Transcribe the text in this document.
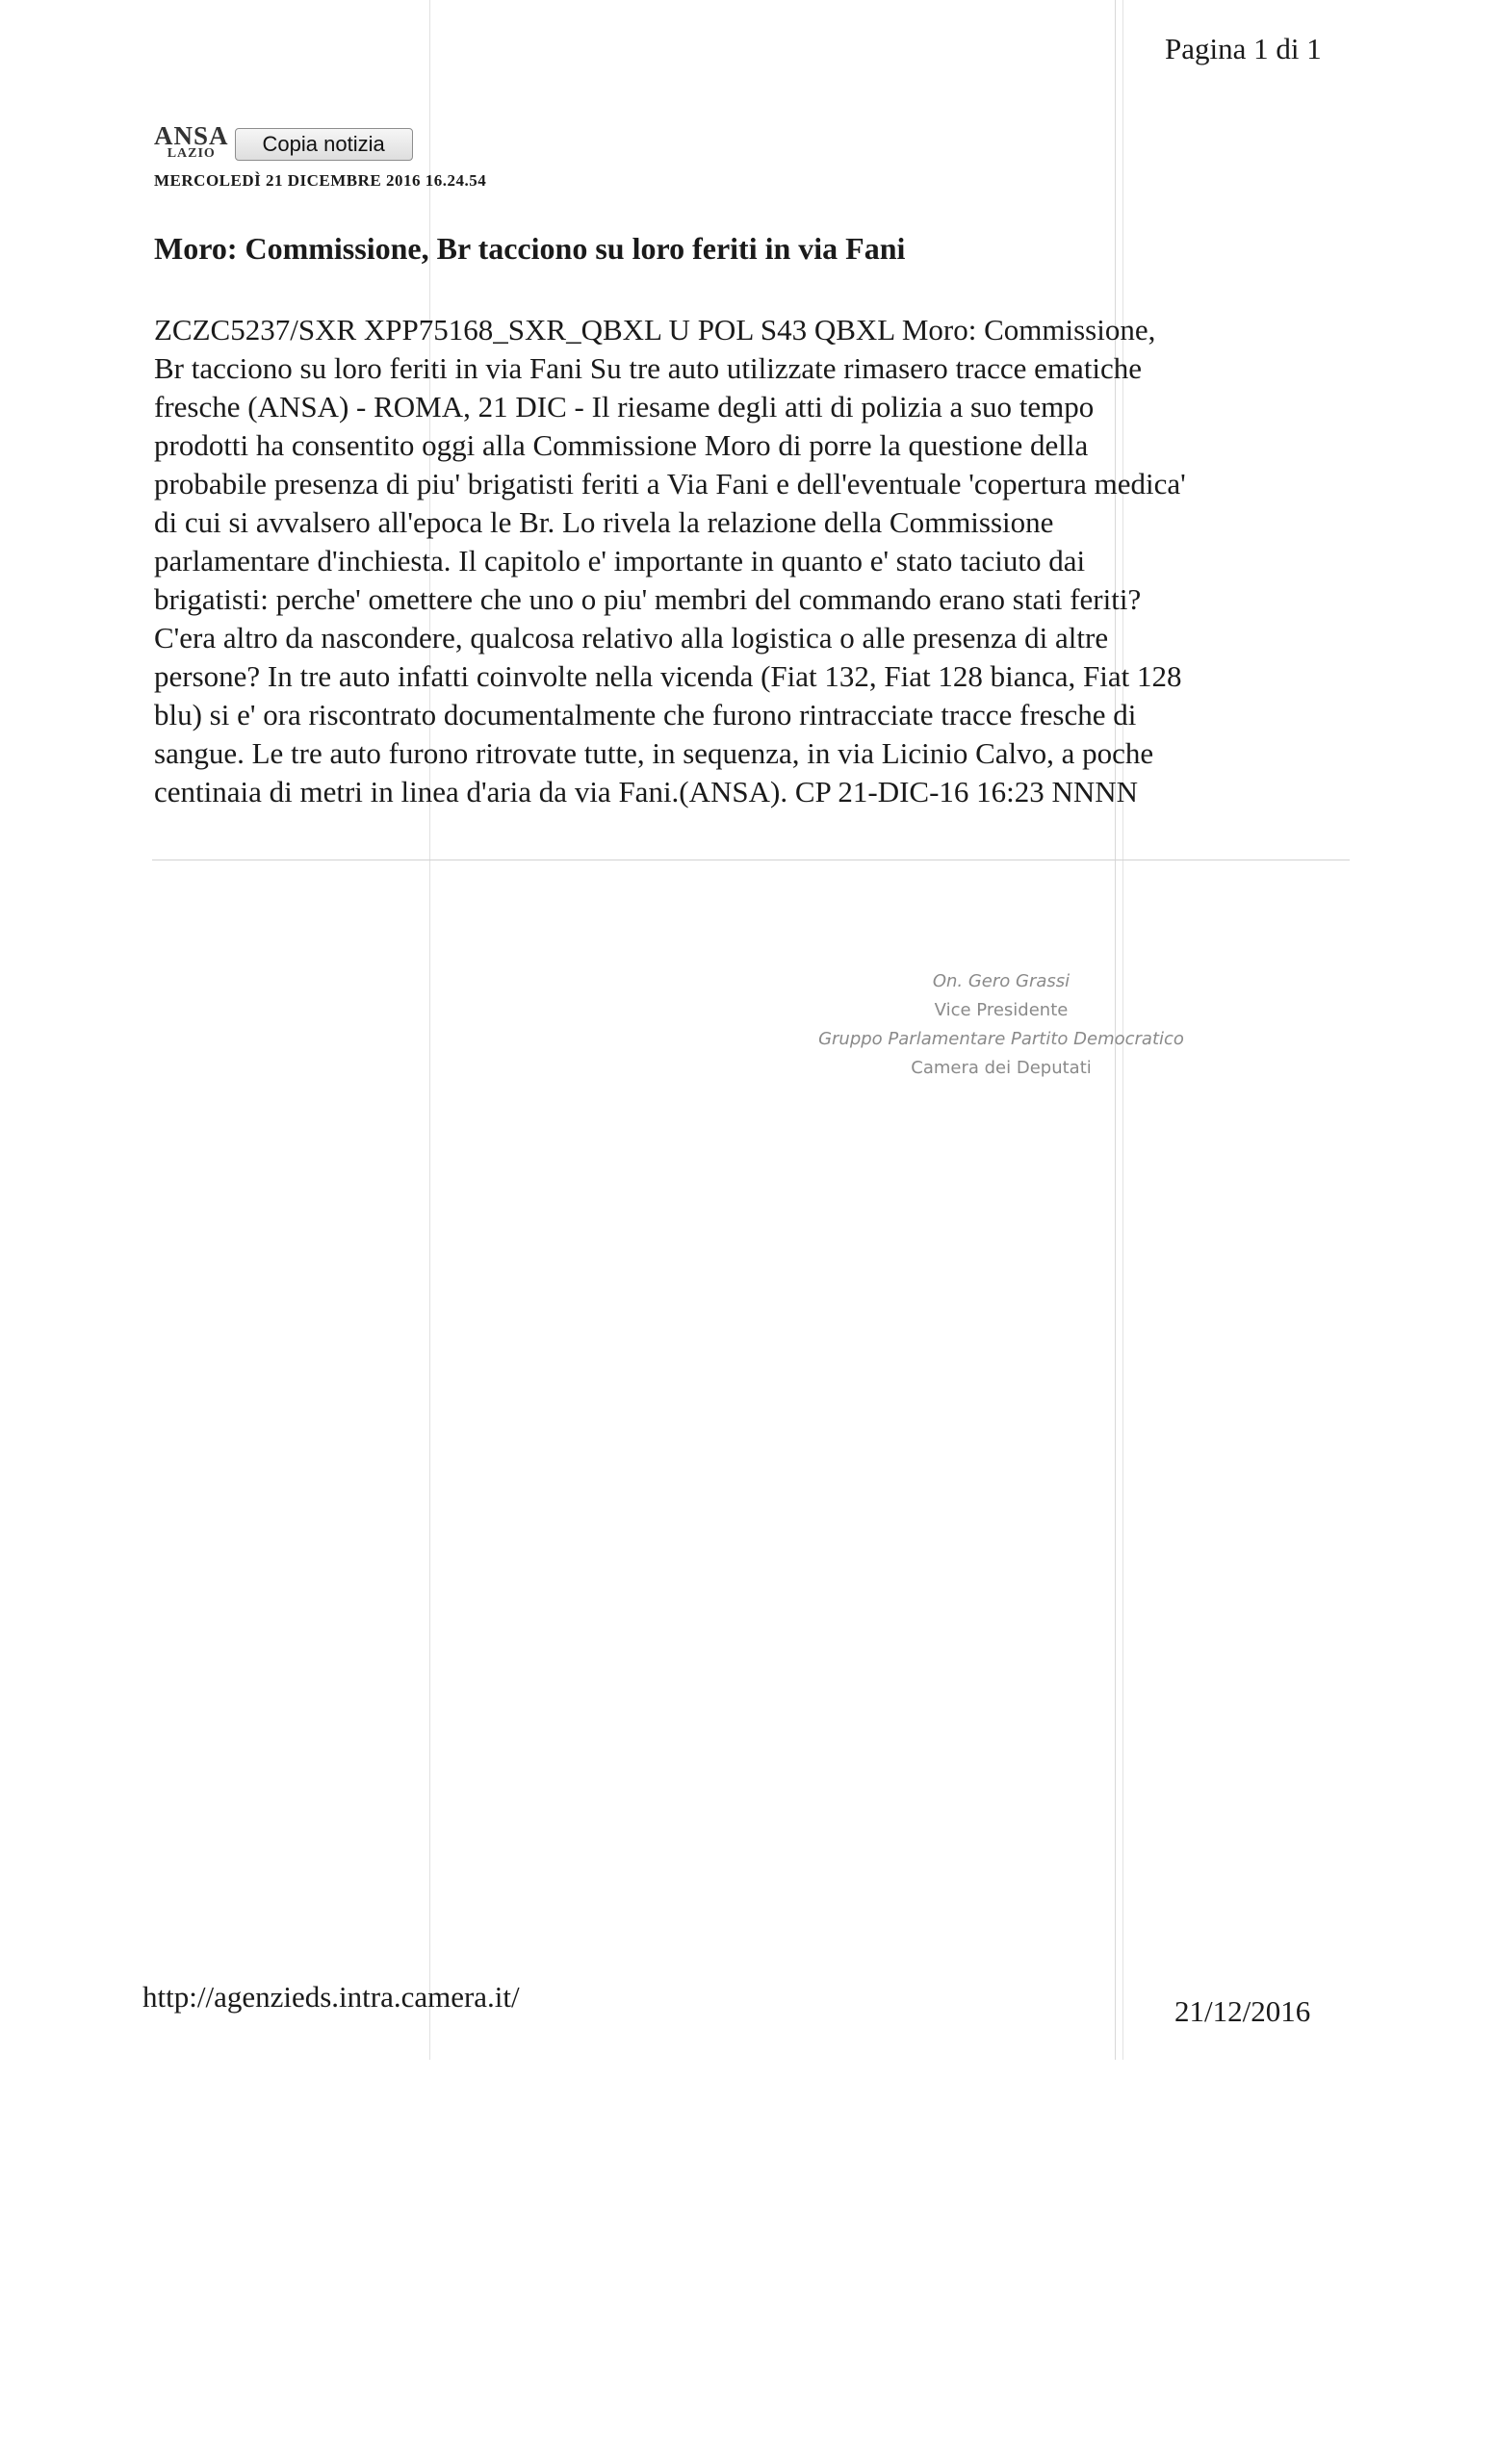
Pagina 1 di 1
ANSA
LAZIO	Copia notizia
MERCOLEDÌ 21 DICEMBRE 2016 16.24.54
Moro: Commissione, Br tacciono su loro feriti in via Fani
ZCZC5237/SXR XPP75168_SXR_QBXL U POL S43 QBXL Moro: Commissione,
Br tacciono su loro feriti in via Fani Su tre auto utilizzate rimasero tracce ematiche
fresche (ANSA) - ROMA, 21 DIC - Il riesame degli atti di polizia a suo tempo
prodotti ha consentito oggi alla Commissione Moro di porre la questione della
probabile presenza di piu' brigatisti feriti a Via Fani e dell'eventuale 'copertura medica'
di cui si avvalsero all'epoca le Br. Lo rivela la relazione della Commissione
parlamentare d'inchiesta. Il capitolo e' importante in quanto e' stato taciuto dai
brigatisti: perche' omettere che uno o piu' membri del commando erano stati feriti?
C'era altro da nascondere, qualcosa relativo alla logistica o alle presenza di altre
persone? In tre auto infatti coinvolte nella vicenda (Fiat 132, Fiat 128 bianca, Fiat 128
blu) si e' ora riscontrato documentalmente che furono rintracciate tracce fresche di
sangue. Le tre auto furono ritrovate tutte, in sequenza, in via Licinio Calvo, a poche
centinaia di metri in linea d'aria da via Fani.(ANSA). CP 21-DIC-16 16:23 NNNN
On. Gero Grassi
Vice Presidente
Gruppo Parlamentare Partito Democratico
Camera dei Deputati
http://agenzieds.intra.camera.it/	21/12/2016
